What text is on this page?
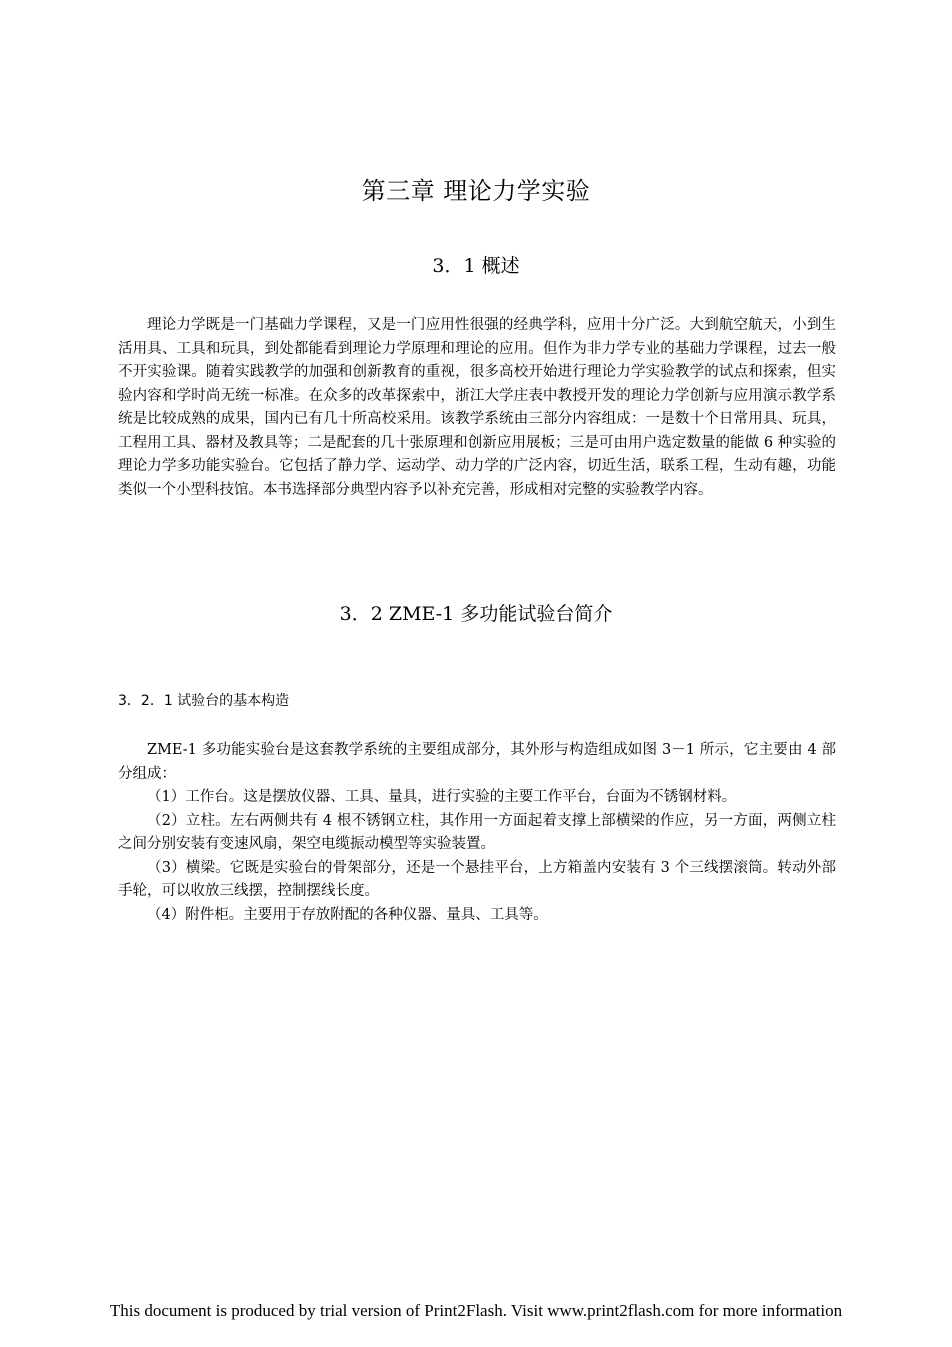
第三章 理论力学实验
3．1 概述

理论力学既是一门基础力学课程，又是一门应用性很强的经典学科，应用十分广泛。大到航空航天，小到生活用具、工具和玩具，到处都能看到理论力学原理和理论的应用。但作为非力学专业的基础力学课程，过去一般不开实验课。随着实践教学的加强和创新教育的重视，很多高校开始进行理论力学实验教学的试点和探索，但实验内容和学时尚无统一标准。在众多的改革探索中，浙江大学庄表中教授开发的理论力学创新与应用演示教学系统是比较成熟的成果，国内已有几十所高校采用。该教学系统由三部分内容组成：一是数十个日常用具、玩具，工程用工具、器材及教具等；二是配套的几十张原理和创新应用展板；三是可由用户选定数量的能做 6 种实验的理论力学多功能实验台。它包括了静力学、运动学、动力学的广泛内容，切近生活，联系工程，生动有趣，功能类似一个小型科技馆。本书选择部分典型内容予以补充完善，形成相对完整的实验教学内容。

3．2 ZME-1 多功能试验台简介
3．2．1 试验台的基本构造

ZME-1 多功能实验台是这套教学系统的主要组成部分，其外形与构造组成如图 3－1 所示，它主要由 4 部分组成：

（1）工作台。这是摆放仪器、工具、量具，进行实验的主要工作平台，台面为不锈钢材料。

（2）立柱。左右两侧共有 4 根不锈钢立柱，其作用一方面起着支撑上部横梁的作应，另一方面，两侧立柱之间分别安装有变速风扇，架空电缆振动模型等实验装置。

（3）横梁。它既是实验台的骨架部分，还是一个悬挂平台，上方箱盖内安装有 3 个三线摆滚筒。转动外部手轮，可以收放三线摆，控制摆线长度。

（4）附件柜。主要用于存放附配的各种仪器、量具、工具等。

This document is produced by trial version of Print2Flash. Visit www.print2flash.com for more information
